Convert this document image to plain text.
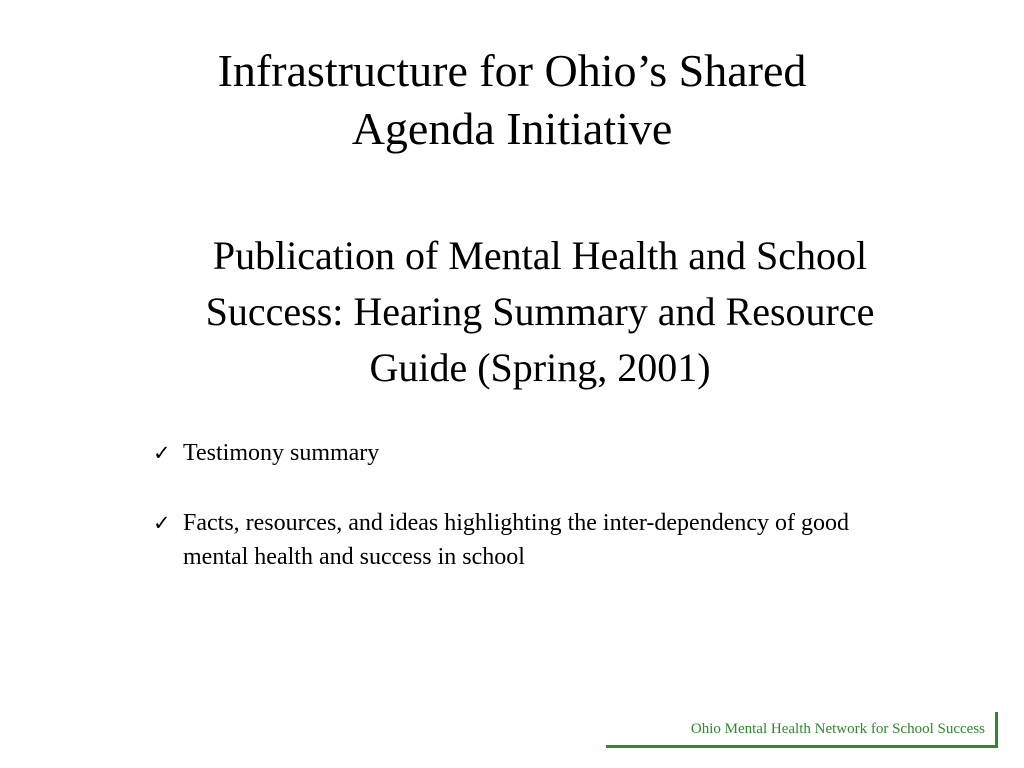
Infrastructure for Ohio’s Shared
Agenda Initiative
Publication of Mental Health and School
Success: Hearing Summary and Resource
Guide (Spring, 2001)
✓ Testimony summary
✓ Facts, resources, and ideas highlighting the inter-dependency of good
mental health and success in school
Ohio Mental Health Network for School Success
